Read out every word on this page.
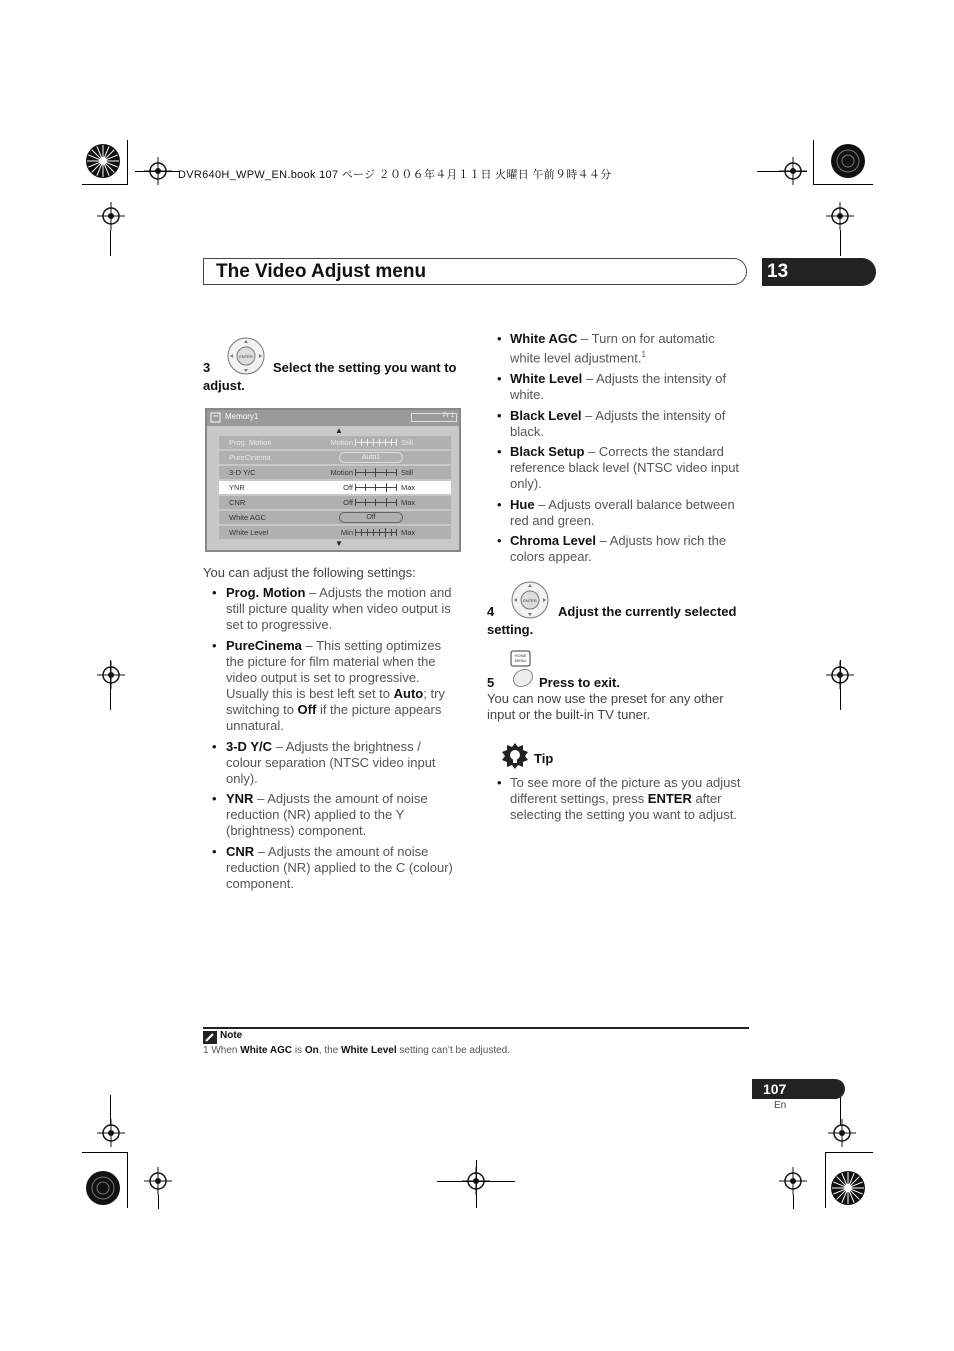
DVR640H_WPW_EN.book 107 ページ ２００６年４月１１日 火曜日 午前９時４４分
The Video Adjust menu	13
3
ENTER
Select the setting you want to
adjust.
Memory1	Pr 1
▲
Prog. Motion	Motion	Still
PureCinema	Auto1
3-D Y/C	Motion	Still
YNR	Off	Max
CNR	Off	Max
White AGC	Off
White Level	Min	Max
▼
You can adjust the following settings:
• Prog. Motion – Adjusts the motion and
still picture quality when video output is
set to progressive.
• PureCinema – This setting optimizes
the picture for film material when the
video output is set to progressive.
Usually this is best left set to Auto; try
switching to Off if the picture appears
unnatural.
• 3-D Y/C – Adjusts the brightness /
colour separation (NTSC video input
only).
• YNR – Adjusts the amount of noise
reduction (NR) applied to the Y
(brightness) component.
• CNR – Adjusts the amount of noise
reduction (NR) applied to the C (colour)
component.
• White AGC – Turn on for automatic
white level adjustment.$^1$
• White Level – Adjusts the intensity of
white.
• Black Level – Adjusts the intensity of
black.
• Black Setup – Corrects the standard
reference black level (NTSC video input
only).
• Hue – Adjusts overall balance between
red and green.
• Chroma Level – Adjusts how rich the
colors appear.
4
ENTER
Adjust the currently selected
setting.
5
HOME
MENU
Press to exit.
You can now use the preset for any other
input or the built-in TV tuner.
Tip
• To see more of the picture as you adjust
different settings, press ENTER after
selecting the setting you want to adjust.
Note
1 When White AGC is On, the White Level setting can’t be adjusted.
107
En
